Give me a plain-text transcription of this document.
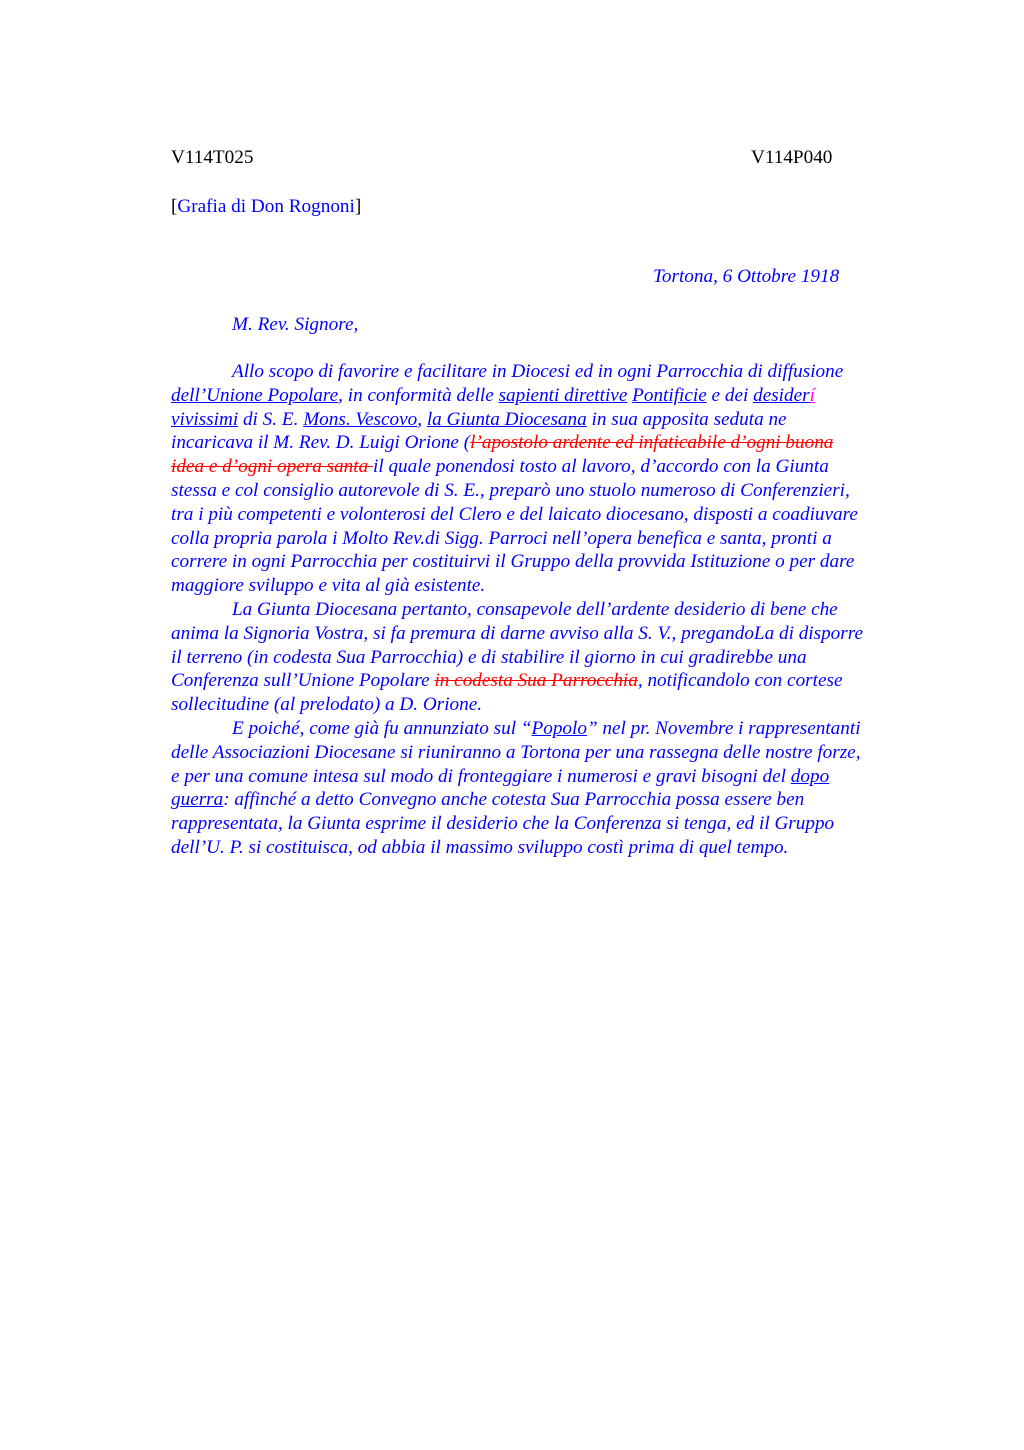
V114T025	V114P040
[Grafia di Don Rognoni]
Tortona, 6 Ottobre 1918
M. Rev. Signore,
Allo scopo di favorire e facilitare in Diocesi ed in ogni Parrocchia di diffusione
dell’Unione Popolare, in conformità delle sapienti direttive Pontificie e dei desiderí
vivissimi di S. E. Mons. Vescovo, la Giunta Diocesana in sua apposita seduta ne
incaricava il M. Rev. D. Luigi Orione (l’apostolo ardente ed infaticabile d’ogni buona
idea e d’ogni opera santa il quale ponendosi tosto al lavoro, d’accordo con la Giunta
stessa e col consiglio autorevole di S. E., preparò uno stuolo numeroso di Conferenzieri,
tra i più competenti e volonterosi del Clero e del laicato diocesano, disposti a coadiuvare
colla propria parola i Molto Rev.di Sigg. Parroci nell’opera benefica e santa, pronti a
correre in ogni Parrocchia per costituirvi il Gruppo della provvida Istituzione o per dare
maggiore sviluppo e vita al già esistente.
La Giunta Diocesana pertanto, consapevole dell’ardente desiderio di bene che
anima la Signoria Vostra, si fa premura di darne avviso alla S. V., pregandoLa di disporre
il terreno (in codesta Sua Parrocchia) e di stabilire il giorno in cui gradirebbe una
Conferenza sull’Unione Popolare in codesta Sua Parrocchia, notificandolo con cortese
sollecitudine (al prelodato) a D. Orione.
E poiché, come già fu annunziato sul “Popolo” nel pr. Novembre i rappresentanti
delle Associazioni Diocesane si riuniranno a Tortona per una rassegna delle nostre forze,
e per una comune intesa sul modo di fronteggiare i numerosi e gravi bisogni del dopo
guerra: affinché a detto Convegno anche cotesta Sua Parrocchia possa essere ben
rappresentata, la Giunta esprime il desiderio che la Conferenza si tenga, ed il Gruppo
dell’U. P. si costituisca, od abbia il massimo sviluppo costì prima di quel tempo.
